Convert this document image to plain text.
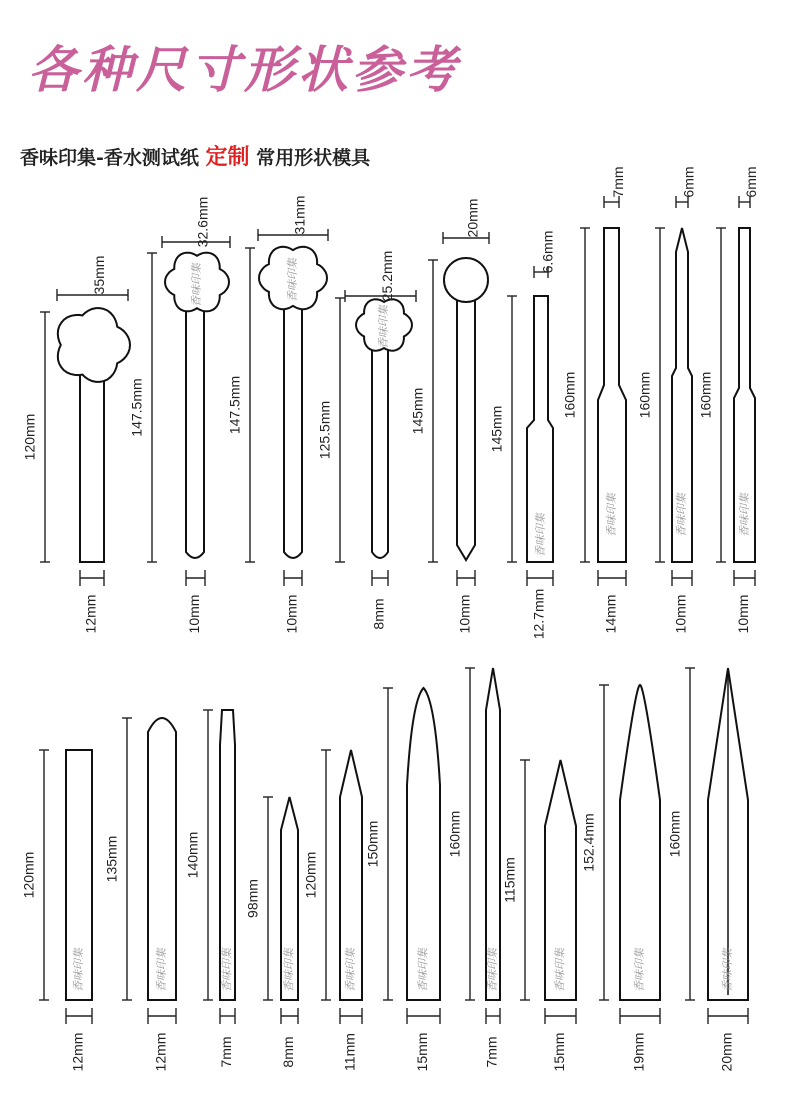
各种尺寸形状参考
香味印集-香水测试纸 定制 常用形状模具
35mm
120mm
12mm
香味印集
32.6mm
147.5mm
10mm
香味印集
31mm
147.5mm
10mm
香味印集
25.2mm
125.5mm
8mm
20mm
145mm
10mm
香味印集
6.6mm
145mm
12.7mm
香味印集
7mm
160mm
14mm
香味印集
6mm
160mm
10mm
香味印集
6mm
160mm
10mm
香味印集
120mm
12mm
香味印集
135mm
12mm
香味印集
140mm
7mm
香味印集
98mm
8mm
香味印集
120mm
11mm
香味印集
150mm
15mm
香味印集
160mm
7mm
香味印集
115mm
15mm
香味印集
152.4mm
19mm
香味印集
160mm
20mm
